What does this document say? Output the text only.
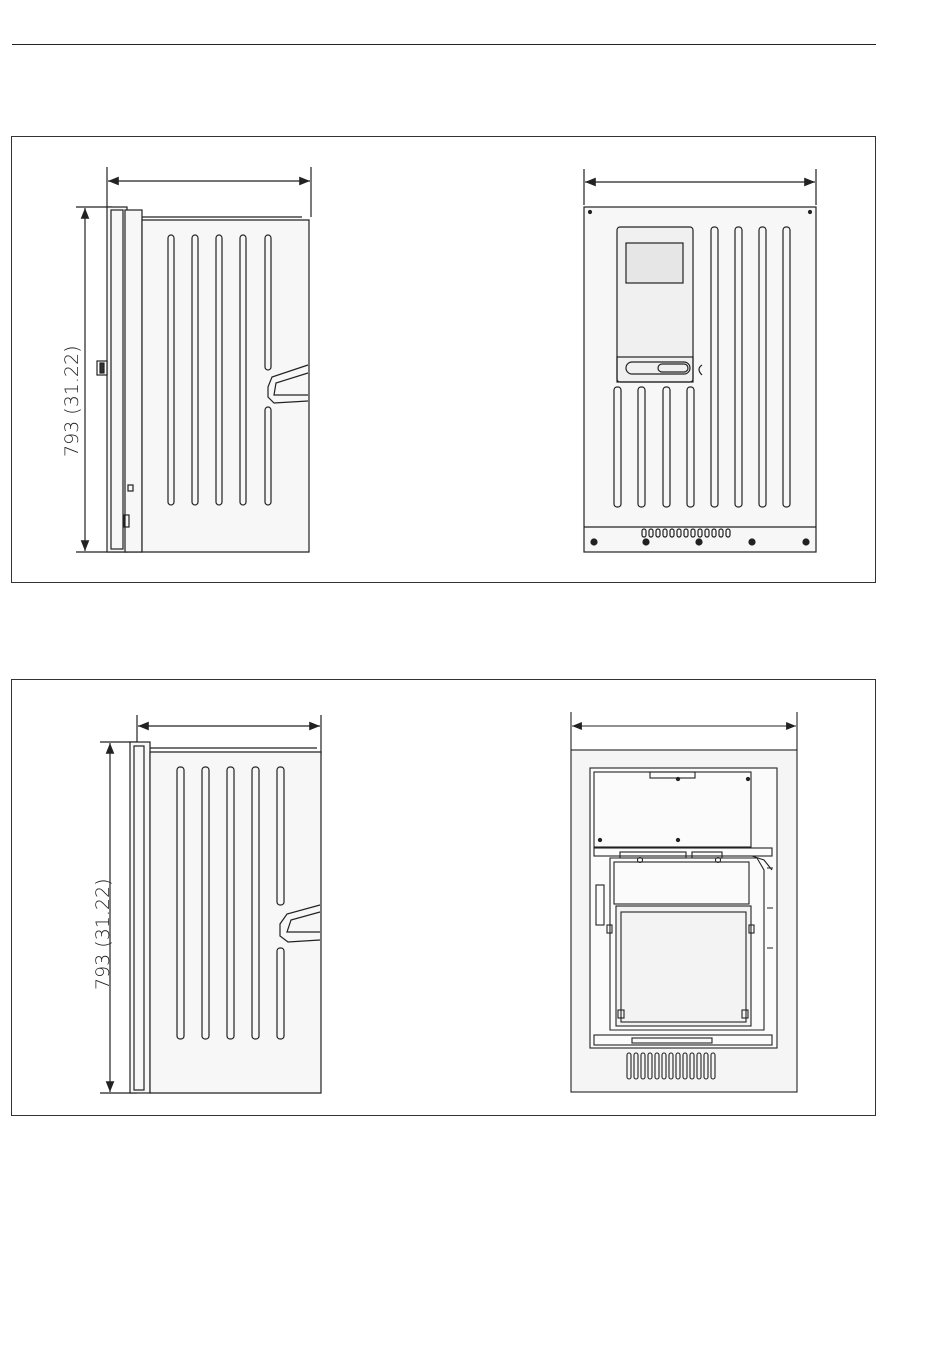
793 (31.22)
793 (31.22)
